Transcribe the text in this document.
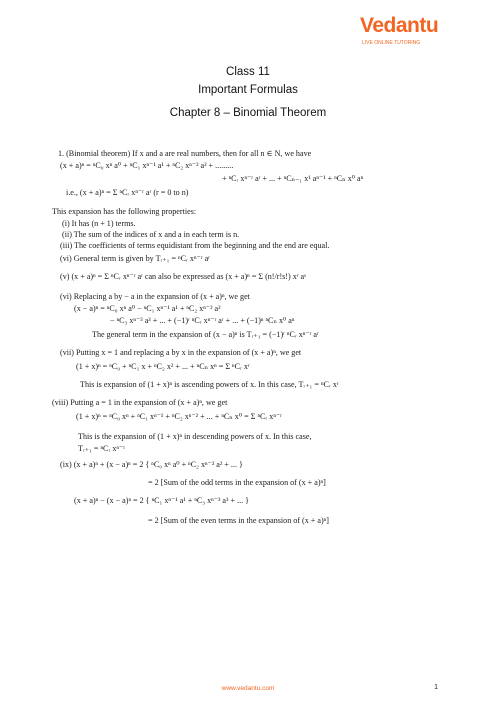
Vedantu
LIVE ONLINE TUTORING
Class 11
Important Formulas
Chapter 8 – Binomial Theorem
1. (Binomial theorem) If x and a are real numbers, then for all n ∈ N, we have
(x + a)ⁿ = ⁿC₀ xⁿ a⁰ + ⁿC₁ xⁿ⁻¹ a¹ + ⁿC₂ xⁿ⁻² a² + .........
+ ⁿCᵣ xⁿ⁻ʳ aʳ + ... + ⁿCₙ₋₁ x¹ aⁿ⁻¹ + ⁿCₙ x⁰ aⁿ
i.e., (x + a)ⁿ = Σ ⁿCᵣ xⁿ⁻ʳ aʳ (r = 0 to n)
This expansion has the following properties:
(i) It has (n + 1) terms.
(ii) The sum of the indices of x and a in each term is n.
(iii) The coefficients of terms equidistant from the beginning and the end are equal.
(vi) General term is given by Tᵣ₊₁ = ⁿCᵣ xⁿ⁻ʳ aʳ
(v) (x + a)ⁿ = Σ ⁿCᵣ xⁿ⁻ʳ aʳ can also be expressed as (x + a)ⁿ = Σ (n!/r!s!) xʳ aˢ
(vi) Replacing a by − a in the expansion of (x + a)ⁿ, we get
(x − a)ⁿ = ⁿC₀ xⁿ a⁰ − ⁿC₁ xⁿ⁻¹ a¹ + ⁿC₂ xⁿ⁻² a²
− ⁿC₃ xⁿ⁻³ a³ + ... + (−1)ʳ ⁿCᵣ xⁿ⁻ʳ aʳ + ... + (−1)ⁿ ⁿCₙ x⁰ aⁿ
The general term in the expansion of (x − a)ⁿ is Tᵣ₊₁ = (−1)ʳ ⁿCᵣ xⁿ⁻ʳ aʳ
(vii) Putting x = 1 and replacing a by x in the expansion of (x + a)ⁿ, we get
(1 + x)ⁿ = ⁿC₀ + ⁿC₁ x + ⁿC₂ x² + ... + ⁿCₙ xⁿ = Σ ⁿCᵣ xʳ
This is expansion of (1 + x)ⁿ is ascending powers of x. In this case, Tᵣ₊₁ = ⁿCᵣ xʳ
(viii) Putting a = 1 in the expansion of (x + a)ⁿ, we get
(1 + x)ⁿ = ⁿC₀ xⁿ + ⁿC₁ xⁿ⁻¹ + ⁿC₂ xⁿ⁻² + ... + ⁿCₙ x⁰ = Σ ⁿCᵣ xⁿ⁻ʳ
This is the expansion of (1 + x)ⁿ in descending powers of x. In this case,
Tᵣ₊₁ = ⁿCᵣ xⁿ⁻ʳ
(ix) (x + a)ⁿ + (x − a)ⁿ = 2 { ⁿC₀ xⁿ a⁰ + ⁿC₂ xⁿ⁻² a² + ... }
= 2 [Sum of the odd terms in the expansion of (x + a)ⁿ]
(x + a)ⁿ − (x − a)ⁿ = 2 { ⁿC₁ xⁿ⁻¹ a¹ + ⁿC₃ xⁿ⁻³ a³ + ... }
= 2 [Sum of the even terms in the expansion of (x + a)ⁿ]
www.vedantu.com	1
